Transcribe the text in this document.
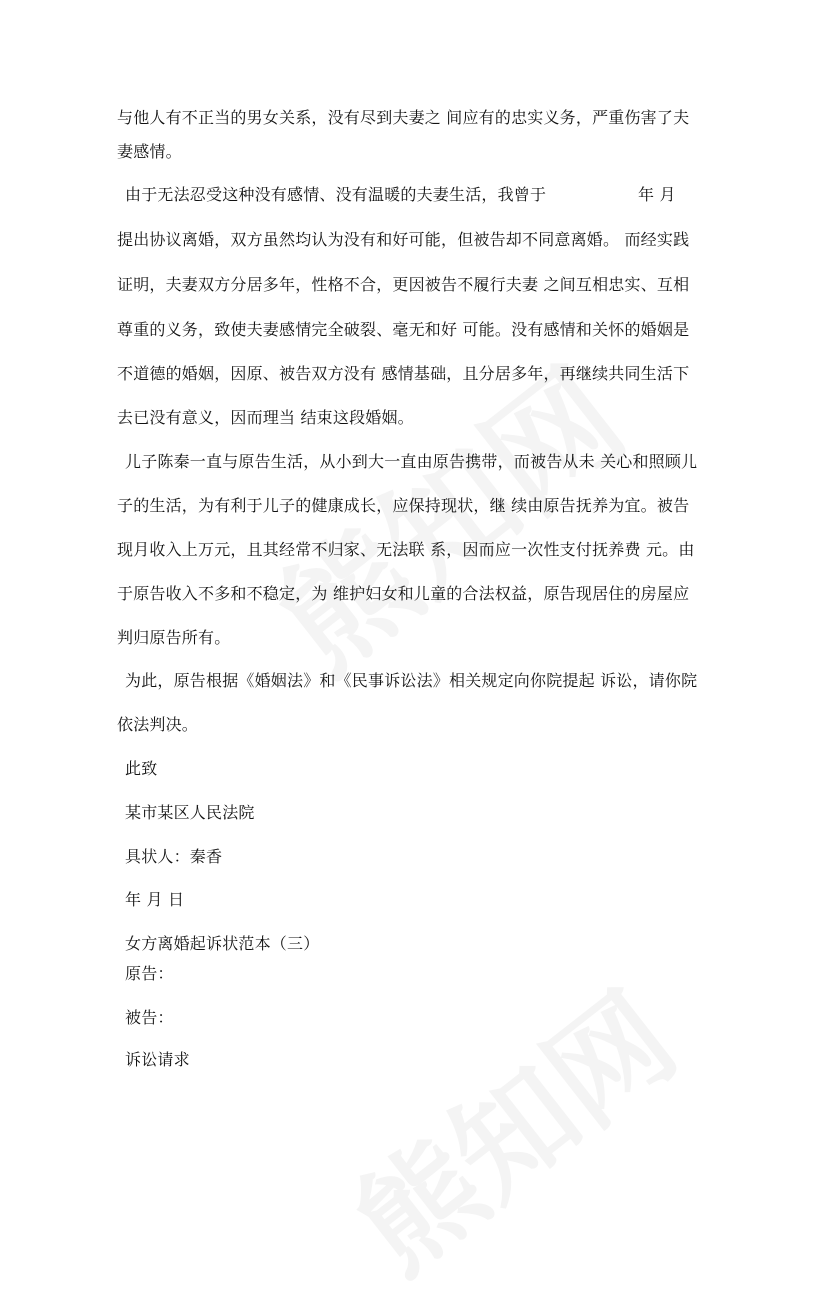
与他人有不正当的男女关系，没有尽到夫妻之 间应有的忠实义务，严重伤害了夫
妻感情。
由于无法忍受这种没有感情、没有温暖的夫妻生活，我曾于	年 月
提出协议离婚，双方虽然均认为没有和好可能，但被告却不同意离婚。 而经实践
证明，夫妻双方分居多年，性格不合，更因被告不履行夫妻 之间互相忠实、互相
尊重的义务，致使夫妻感情完全破裂、毫无和好 可能。没有感情和关怀的婚姻是
不道德的婚姻，因原、被告双方没有 感情基础，且分居多年，再继续共同生活下
去已没有意义，因而理当 结束这段婚姻。
儿子陈秦一直与原告生活，从小到大一直由原告携带，而被告从未 关心和照顾儿
子的生活，为有利于儿子的健康成长，应保持现状，继 续由原告抚养为宜。被告
现月收入上万元，且其经常不归家、无法联 系，因而应一次性支付抚养费 元。由
于原告收入不多和不稳定，为 维护妇女和儿童的合法权益，原告现居住的房屋应
判归原告所有。
为此，原告根据《婚姻法》和《民事诉讼法》相关规定向你院提起 诉讼，请你院
依法判决。
此致
某市某区人民法院
具状人：秦香
年 月 日
女方离婚起诉状范本（三）
原告：
被告：
诉讼请求
